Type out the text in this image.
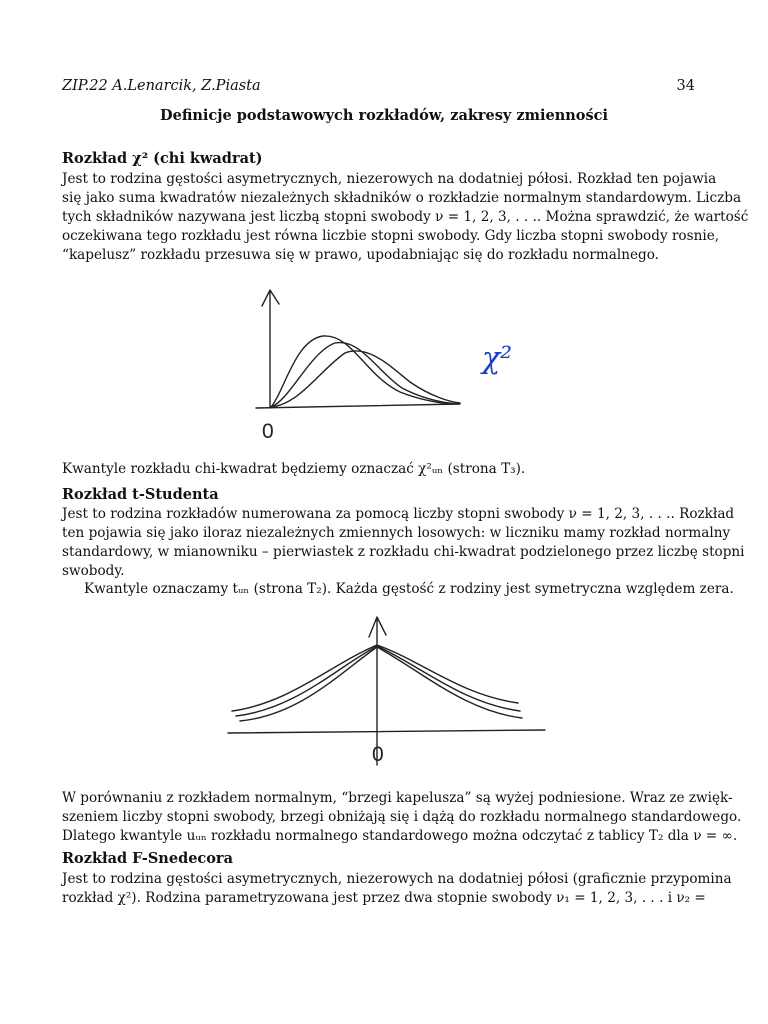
ZIP.22 A.Lenarcik, Z.Piasta	34
Definicje podstawowych rozkładów, zakresy zmienności
Rozkład χ² (chi kwadrat)
Jest to rodzina gęstości asymetrycznych, niezerowych na dodatniej półosi. Rozkład ten pojawia
się jako suma kwadratów niezależnych składników o rozkładzie normalnym standardowym. Liczba
tych składników nazywana jest liczbą stopni swobody ν = 1, 2, 3, . . .. Można sprawdzić, że wartość
oczekiwana tego rozkładu jest równa liczbie stopni swobody. Gdy liczba stopni swobody rosnie,
“kapelusz” rozkładu przesuwa się w prawo, upodabniając się do rozkładu normalnego.
0
χ²
Kwantyle rozkładu chi-kwadrat będziemy oznaczać χ²ᵤₙ (strona T₃).
Rozkład t-Studenta
Jest to rodzina rozkładów numerowana za pomocą liczby stopni swobody ν = 1, 2, 3, . . .. Rozkład
ten pojawia się jako iloraz niezależnych zmiennych losowych: w liczniku mamy rozkład normalny
standardowy, w mianowniku – pierwiastek z rozkładu chi-kwadrat podzielonego przez liczbę stopni
swobody.
Kwantyle oznaczamy tᵤₙ (strona T₂). Każda gęstość z rodziny jest symetryczna względem zera.
0
W porównaniu z rozkładem normalnym, “brzegi kapelusza” są wyżej podniesione. Wraz ze zwięk-
szeniem liczby stopni swobody, brzegi obniżają się i dążą do rozkładu normalnego standardowego.
Dlatego kwantyle uᵤₙ rozkładu normalnego standardowego można odczytać z tablicy T₂ dla ν = ∞.
Rozkład F-Snedecora
Jest to rodzina gęstości asymetrycznych, niezerowych na dodatniej półosi (graficznie przypomina
rozkład χ²). Rodzina parametryzowana jest przez dwa stopnie swobody ν₁ = 1, 2, 3, . . . i ν₂ =
